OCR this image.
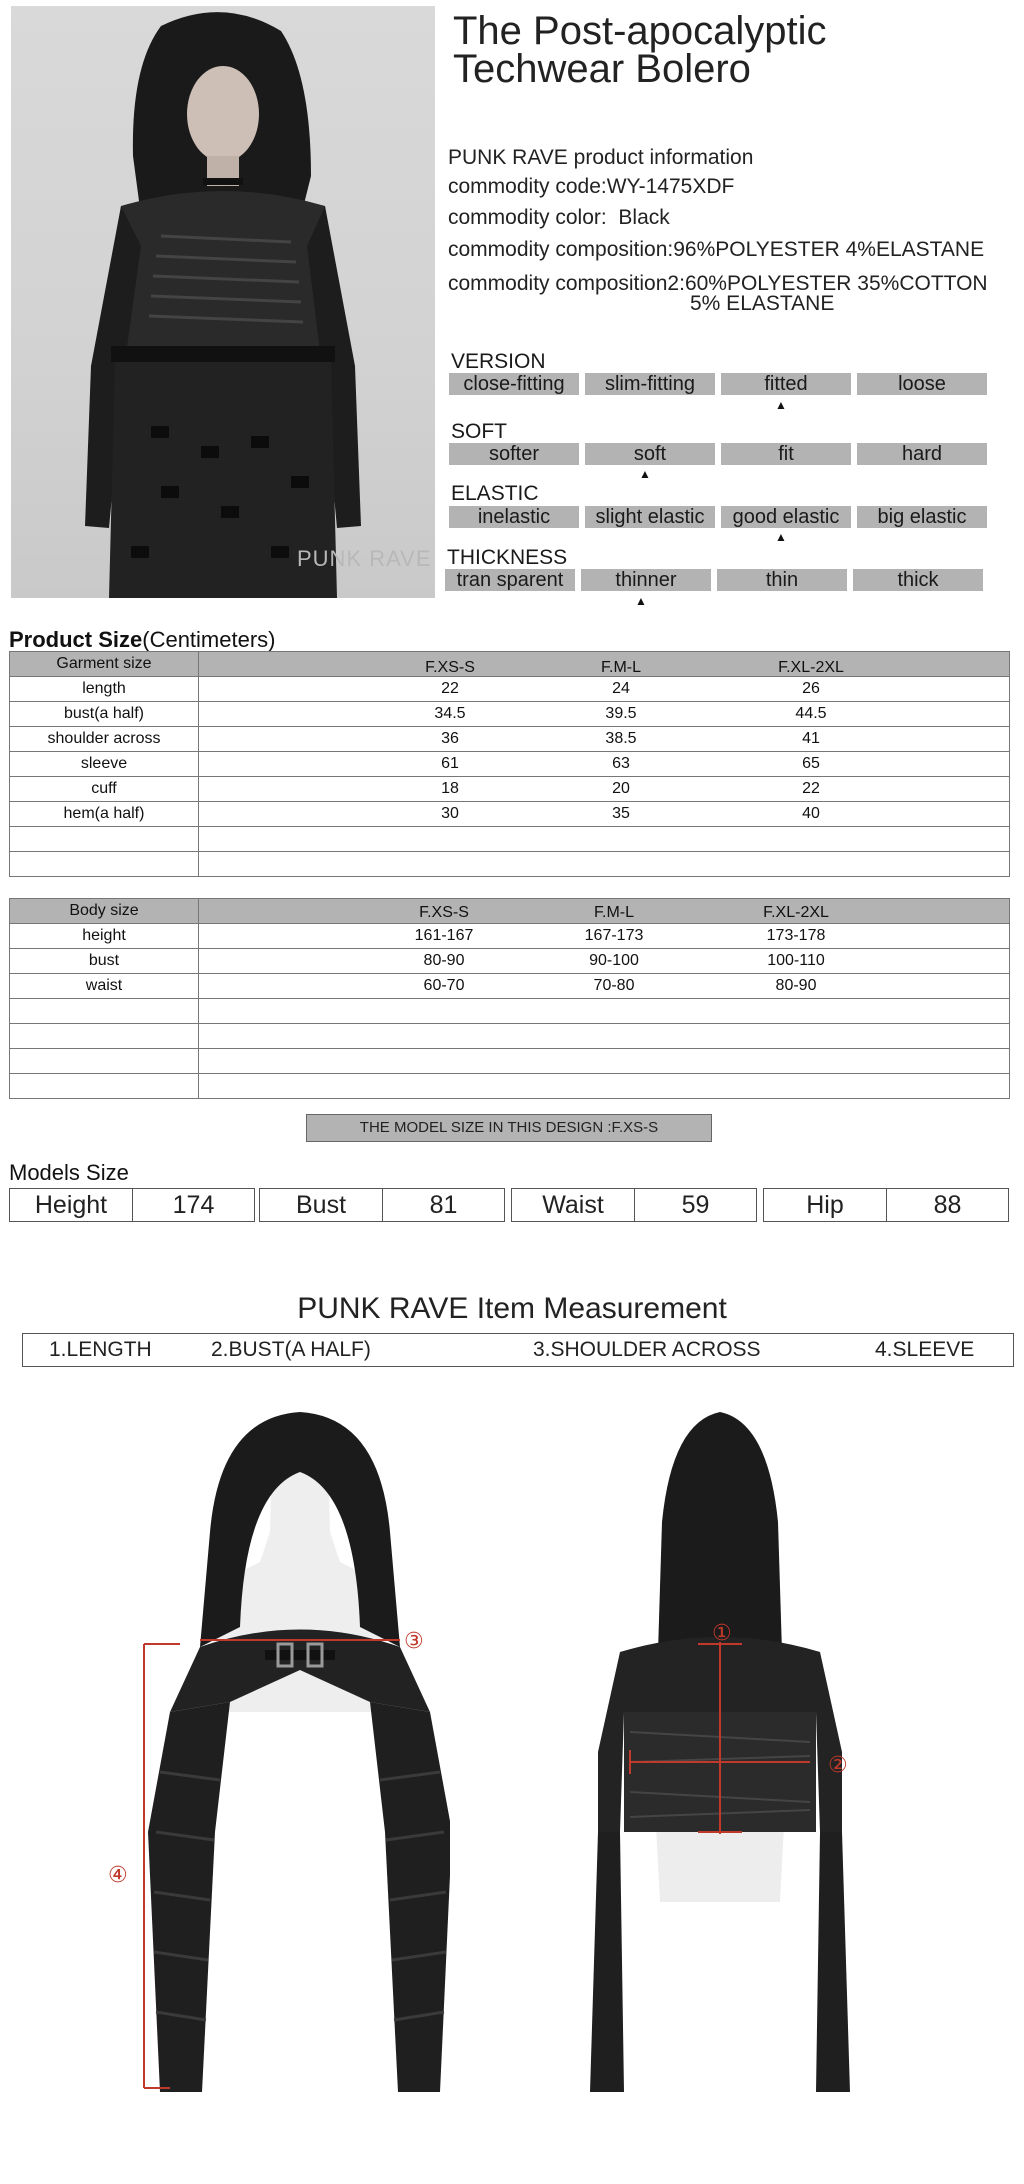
PUNK RAVE
The Post-apocalyptic
Techwear Bolero
PUNK RAVE product information
commodity code:WY-1475XDF
commodity color: Black
commodity composition:96%POLYESTER 4%ELASTANE
commodity composition2:60%POLYESTER 35%COTTON
5% ELASTANE
VERSION
close-fitting	slim-fitting	fitted	loose
▲
SOFT
softer	soft	fit	hard
▲
ELASTIC
inelastic	slight elastic	good elastic	big elastic
▲
THICKNESS
tran sparent	thinner	thin	thick
▲
Product Size(Centimeters)
Garment size	F.XS-S F.M-L F.XL-2XL

length	22 24 26

bust(a half)	34.5 39.5 44.5

shoulder across	36 38.5 41

sleeve	61 63 65

cuff	18 20 22

hem(a half)	30 35 40

Body size	F.XS-S F.M-L F.XL-2XL

height	161-167 167-173 173-178

bust	80-90 90-100 100-110

waist	60-70 70-80 80-90

THE MODEL SIZE IN THIS DESIGN :F.XS-S
Models Size
Height	174	Bust	81	Waist	59	Hip	88
PUNK RAVE Item Measurement
1.LENGTH	2.BUST(A HALF)	3.SHOULDER ACROSS	4.SLEEVE
③
④
①
②
